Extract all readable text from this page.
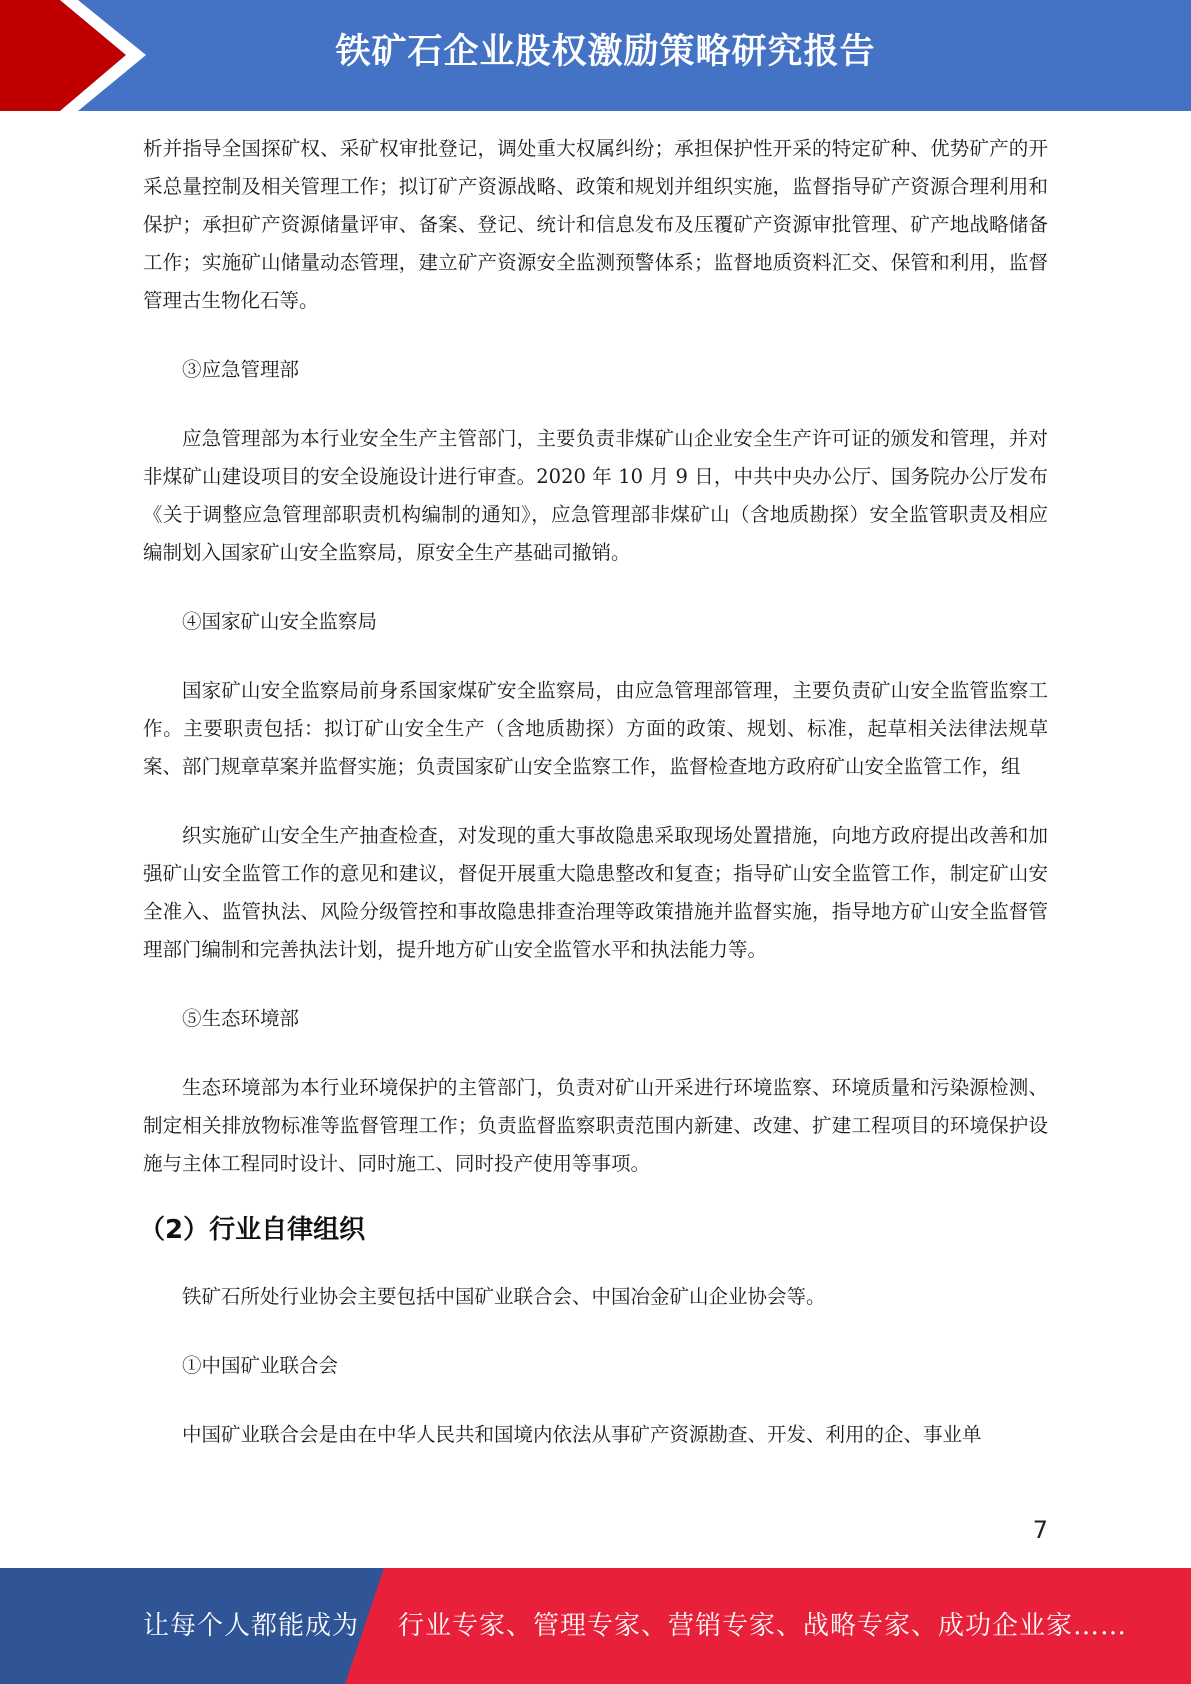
铁矿石企业股权激励策略研究报告

析并指导全国探矿权、采矿权审批登记，调处重大权属纠纷；承担保护性开采的特定矿种、优势矿产的开采总量控制及相关管理工作；拟订矿产资源战略、政策和规划并组织实施，监督指导矿产资源合理利用和保护；承担矿产资源储量评审、备案、登记、统计和信息发布及压覆矿产资源审批管理、矿产地战略储备工作；实施矿山储量动态管理，建立矿产资源安全监测预警体系；监督地质资料汇交、保管和利用，监督管理古生物化石等。

③应急管理部

应急管理部为本行业安全生产主管部门，主要负责非煤矿山企业安全生产许可证的颁发和管理，并对非煤矿山建设项目的安全设施设计进行审查。2020 年 10 月 9 日，中共中央办公厅、国务院办公厅发布《关于调整应急管理部职责机构编制的通知》，应急管理部非煤矿山（含地质勘探）安全监管职责及相应编制划入国家矿山安全监察局，原安全生产基础司撤销。

④国家矿山安全监察局

国家矿山安全监察局前身系国家煤矿安全监察局，由应急管理部管理，主要负责矿山安全监管监察工作。主要职责包括：拟订矿山安全生产（含地质勘探）方面的政策、规划、标准，起草相关法律法规草案、部门规章草案并监督实施；负责国家矿山安全监察工作，监督检查地方政府矿山安全监管工作，组

织实施矿山安全生产抽查检查，对发现的重大事故隐患采取现场处置措施，向地方政府提出改善和加强矿山安全监管工作的意见和建议，督促开展重大隐患整改和复查；指导矿山安全监管工作，制定矿山安全准入、监管执法、风险分级管控和事故隐患排查治理等政策措施并监督实施，指导地方矿山安全监督管理部门编制和完善执法计划，提升地方矿山安全监管水平和执法能力等。

⑤生态环境部

生态环境部为本行业环境保护的主管部门，负责对矿山开采进行环境监察、环境质量和污染源检测、制定相关排放物标准等监督管理工作；负责监督监察职责范围内新建、改建、扩建工程项目的环境保护设施与主体工程同时设计、同时施工、同时投产使用等事项。

（2）行业自律组织

铁矿石所处行业协会主要包括中国矿业联合会、中国冶金矿山企业协会等。

①中国矿业联合会

中国矿业联合会是由在中华人民共和国境内依法从事矿产资源勘查、开发、利用的企、事业单

7
让每个人都能成为 行业专家、管理专家、营销专家、战略专家、成功企业家……
